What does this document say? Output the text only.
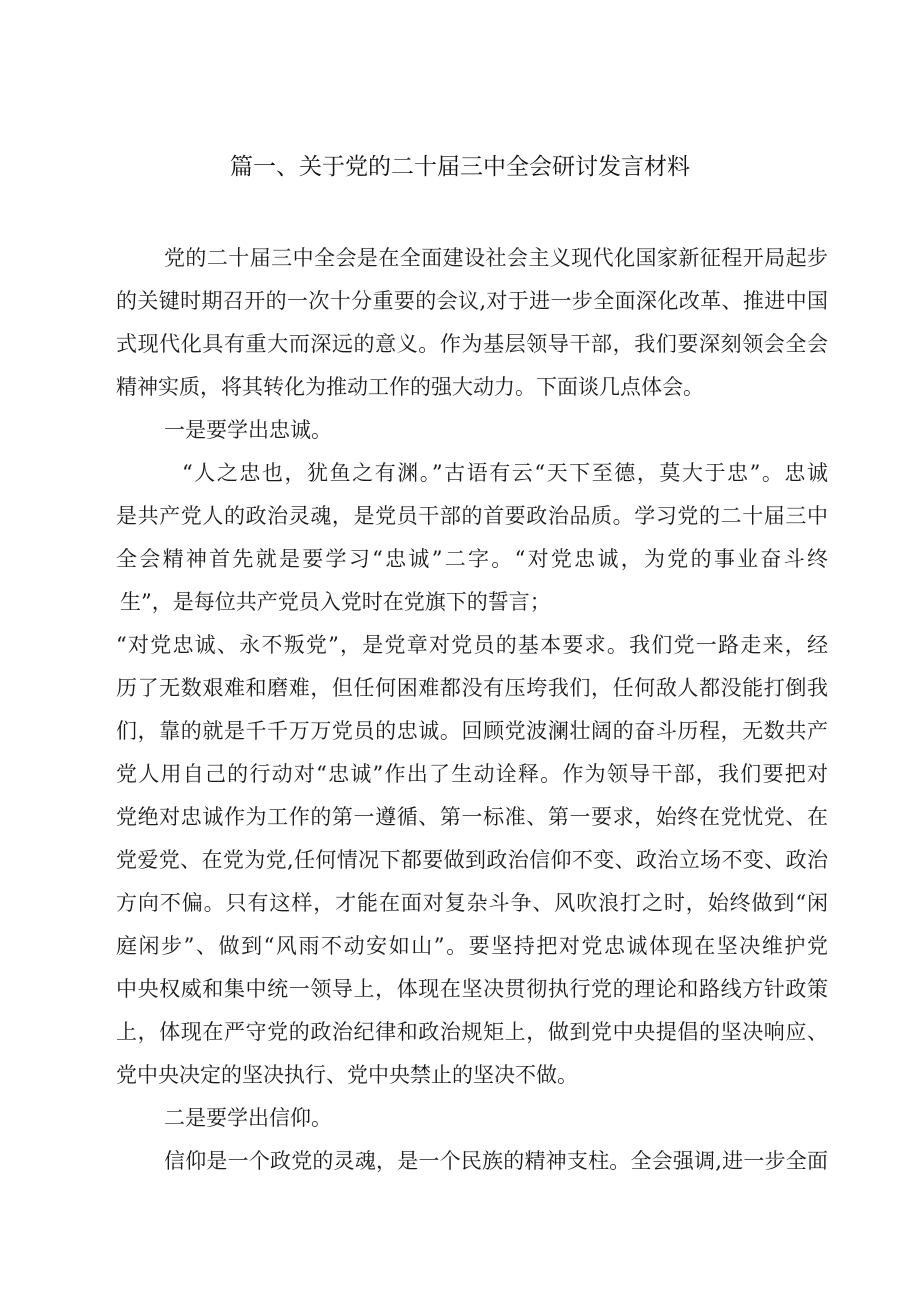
篇一、关于党的二十届三中全会研讨发言材料
党的二十届三中全会是在全面建设社会主义现代化国家新征程开局起步
的关键时期召开的一次十分重要的会议,对于进一步全面深化改革、推进中国
式现代化具有重大而深远的意义。作为基层领导干部，我们要深刻领会全会
精神实质，将其转化为推动工作的强大动力。下面谈几点体会。
一是要学出忠诚。
“人之忠也，犹鱼之有渊。”古语有云“天下至德，莫大于忠”。忠诚
是共产党人的政治灵魂，是党员干部的首要政治品质。学习党的二十届三中
全会精神首先就是要学习“忠诚”二字。“对党忠诚，为党的事业奋斗终
生”，是每位共产党员入党时在党旗下的誓言；
“对党忠诚、永不叛党”，是党章对党员的基本要求。我们党一路走来，经
历了无数艰难和磨难，但任何困难都没有压垮我们，任何敌人都没能打倒我
们，靠的就是千千万万党员的忠诚。回顾党波澜壮阔的奋斗历程，无数共产
党人用自己的行动对“忠诚”作出了生动诠释。作为领导干部，我们要把对
党绝对忠诚作为工作的第一遵循、第一标准、第一要求，始终在党忧党、在
党爱党、在党为党,任何情况下都要做到政治信仰不变、政治立场不变、政治
方向不偏。只有这样，才能在面对复杂斗争、风吹浪打之时，始终做到“闲
庭闲步”、做到“风雨不动安如山”。要坚持把对党忠诚体现在坚决维护党
中央权威和集中统一领导上，体现在坚决贯彻执行党的理论和路线方针政策
上，体现在严守党的政治纪律和政治规矩上，做到党中央提倡的坚决响应、
党中央决定的坚决执行、党中央禁止的坚决不做。
二是要学出信仰。
信仰是一个政党的灵魂，是一个民族的精神支柱。全会强调,进一步全面
